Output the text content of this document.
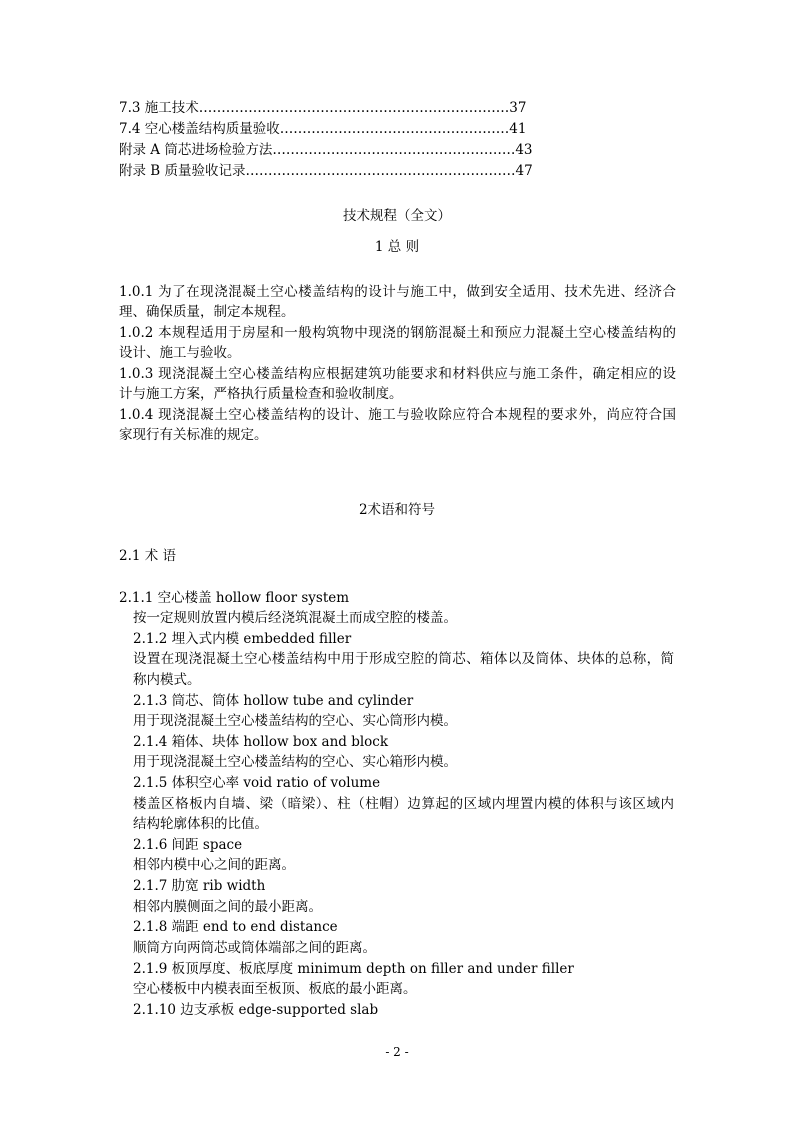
7.3 施工技术……………………………………………………………37
7.4 空心楼盖结构质量验收……………………………………………41
附录 A 筒芯进场检验方法………………………………………………43
附录 B 质量验收记录……………………………………………………47
技术规程（全文）
1 总 则
1.0.1 为了在现浇混凝土空心楼盖结构的设计与施工中，做到安全适用、技术先进、经济合
理、确保质量，制定本规程。
1.0.2 本规程适用于房屋和一般构筑物中现浇的钢筋混凝土和预应力混凝土空心楼盖结构的
设计、施工与验收。
1.0.3 现浇混凝土空心楼盖结构应根据建筑功能要求和材料供应与施工条件，确定相应的设
计与施工方案，严格执行质量检查和验收制度。
1.0.4 现浇混凝土空心楼盖结构的设计、施工与验收除应符合本规程的要求外，尚应符合国
家现行有关标准的规定。
2术语和符号
2.1 术 语
2.1.1 空心楼盖 hollow floor system
按一定规则放置内模后经浇筑混凝土而成空腔的楼盖。
2.1.2 埋入式内模 embedded filler
设置在现浇混凝土空心楼盖结构中用于形成空腔的筒芯、箱体以及筒体、块体的总称，简
称内模式。
2.1.3 筒芯、筒体 hollow tube and cylinder
用于现浇混凝土空心楼盖结构的空心、实心筒形内模。
2.1.4 箱体、块体 hollow box and block
用于现浇混凝土空心楼盖结构的空心、实心箱形内模。
2.1.5 体积空心率 void ratio of volume
楼盖区格板内自墙、梁（暗梁）、柱（柱帽）边算起的区域内埋置内模的体积与该区域内
结构轮廓体积的比值。
2.1.6 间距 space
相邻内模中心之间的距离。
2.1.7 肋宽 rib width
相邻内膜侧面之间的最小距离。
2.1.8 端距 end to end distance
顺筒方向两筒芯或筒体端部之间的距离。
2.1.9 板顶厚度、板底厚度 minimum depth on filler and under filler
空心楼板中内模表面至板顶、板底的最小距离。
2.1.10 边支承板 edge-supported slab
- 2 -
